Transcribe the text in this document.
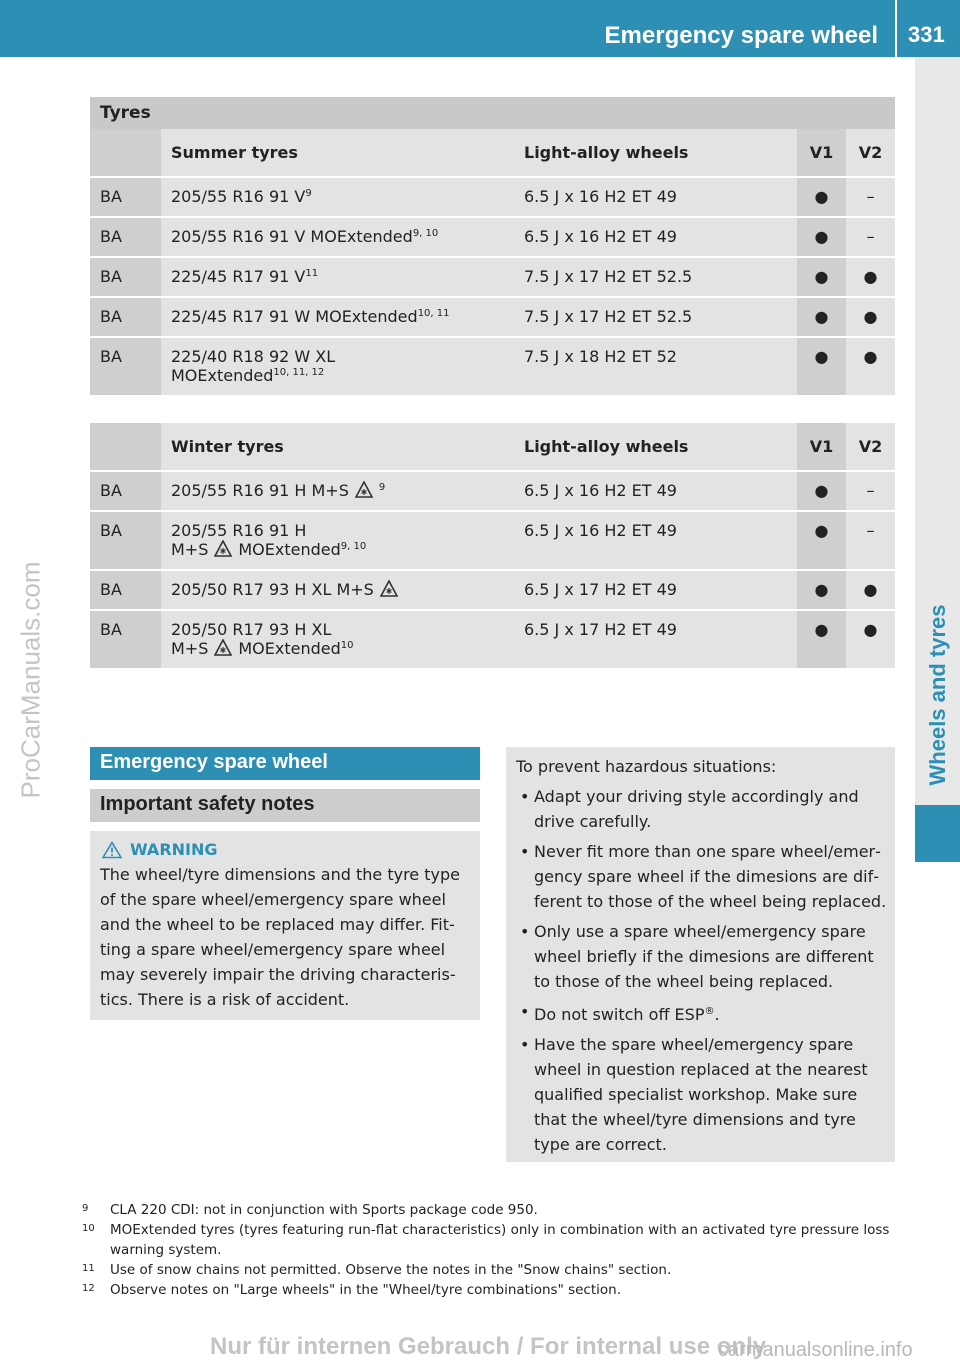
Emergency spare wheel 331
Wheels and tyres
ProCarManuals.com
Tyres
	Summer tyres	Light-alloy wheels	V1	V2
BA	205/55 R16 91 $V^9$	6.5 J x 16 H2 ET 49	●	–
BA	205/55 R16 91 V MOExtended$^{9, 10}$	6.5 J x 16 H2 ET 49	●	–
BA	225/45 R17 91 $V^{11}$	7.5 J x 17 H2 ET 52.5	●	●
BA	225/45 R17 91 W MOExtended$^{10, 11}$	7.5 J x 17 H2 ET 52.5	●	●
BA	225/40 R18 92 W XL
MOExtended$^{10, 11, 12}$	7.5 J x 18 H2 ET 52	●	●
	Winter tyres	Light-alloy wheels	V1	V2
BA	205/55 R16 91 H M+S $^9$	6.5 J x 16 H2 ET 49	●	–
BA	205/55 R16 91 H
M+S MOExtended$^{9, 10}$	6.5 J x 16 H2 ET 49	●	–
BA	205/50 R17 93 H XL M+S	6.5 J x 17 H2 ET 49	●	●
BA	205/50 R17 93 H XL
M+S MOExtended$^{10}$	6.5 J x 17 H2 ET 49	●	●
Emergency spare wheel
Important safety notes
WARNING
The wheel/tyre dimensions and the tyre type of the spare wheel/emergency spare wheel and the wheel to be replaced may differ. Fitting a spare wheel/emergency spare wheel may severely impair the driving characteristics. There is a risk of accident.
To prevent hazardous situations:
• Adapt your driving style accordingly and drive carefully.
• Never fit more than one spare wheel/emergency spare wheel if the dimesions are different to those of the wheel being replaced.
• Only use a spare wheel/emergency spare wheel briefly if the dimesions are different to those of the wheel being replaced.
• Do not switch off ESP®.
• Have the spare wheel/emergency spare wheel in question replaced at the nearest qualified specialist workshop. Make sure that the wheel/tyre dimensions and tyre type are correct.
9 CLA 220 CDI: not in conjunction with Sports package code 950.
10 MOExtended tyres (tyres featuring run-flat characteristics) only in combination with an activated tyre pressure loss warning system.
11 Use of snow chains not permitted. Observe the notes in the "Snow chains" section.
12 Observe notes on "Large wheels" in the "Wheel/tyre combinations" section.
Nur für internen Gebrauch / For internal use only
carmanualsonline.info
